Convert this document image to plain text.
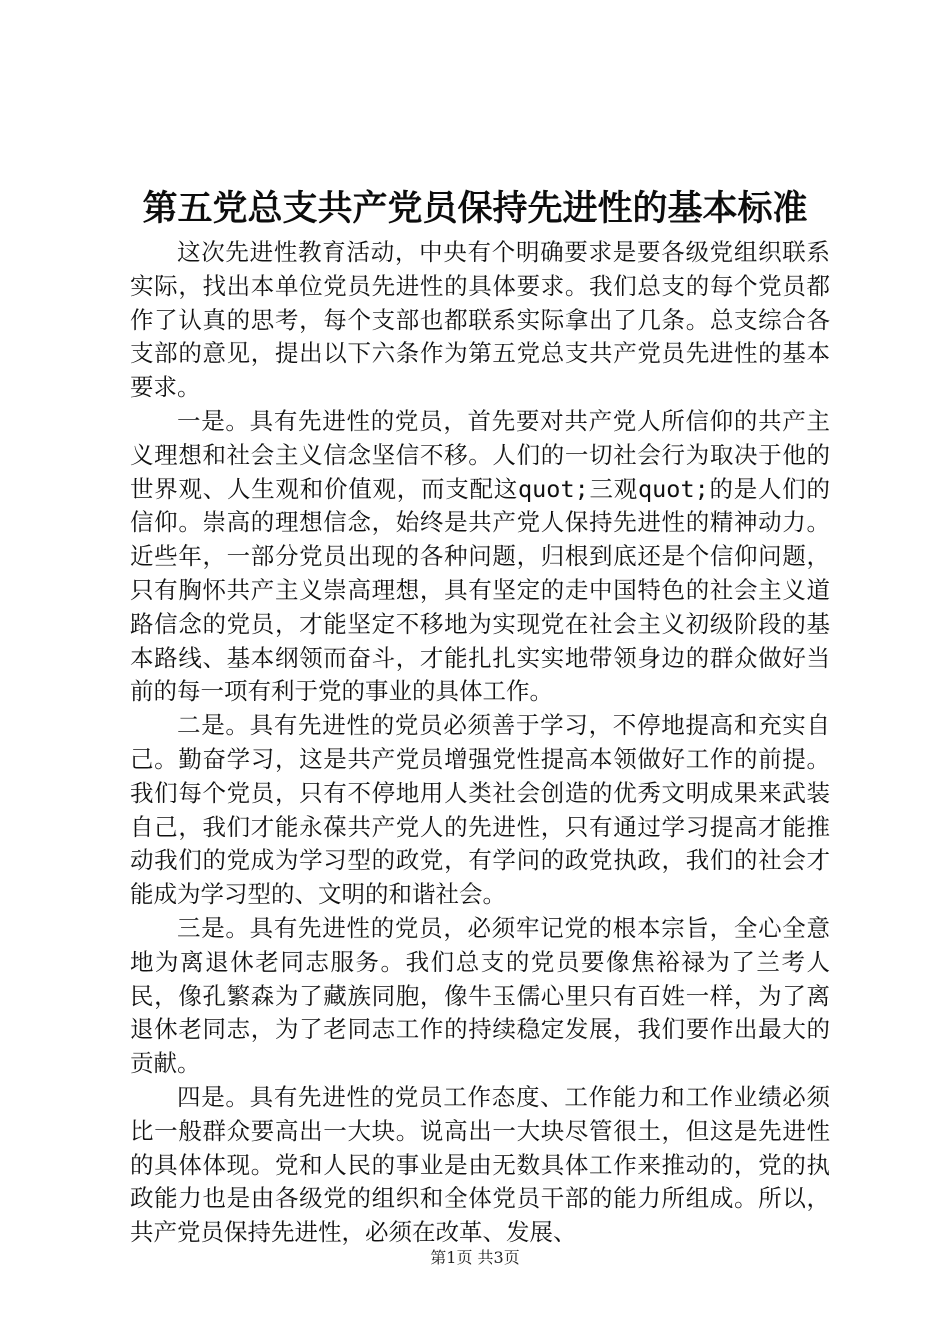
第五党总支共产党员保持先进性的基本标准

这次先进性教育活动，中央有个明确要求是要各级党组织联系实际，找出本单位党员先进性的具体要求。我们总支的每个党员都作了认真的思考，每个支部也都联系实际拿出了几条。总支综合各支部的意见，提出以下六条作为第五党总支共产党员先进性的基本要求。

一是。具有先进性的党员，首先要对共产党人所信仰的共产主义理想和社会主义信念坚信不移。人们的一切社会行为取决于他的世界观、人生观和价值观，而支配这quot;三观quot;的是人们的信仰。崇高的理想信念，始终是共产党人保持先进性的精神动力。近些年，一部分党员出现的各种问题，归根到底还是个信仰问题，只有胸怀共产主义崇高理想，具有坚定的走中国特色的社会主义道路信念的党员，才能坚定不移地为实现党在社会主义初级阶段的基本路线、基本纲领而奋斗，才能扎扎实实地带领身边的群众做好当前的每一项有利于党的事业的具体工作。

二是。具有先进性的党员必须善于学习，不停地提高和充实自己。勤奋学习，这是共产党员增强党性提高本领做好工作的前提。我们每个党员，只有不停地用人类社会创造的优秀文明成果来武装自己，我们才能永葆共产党人的先进性，只有通过学习提高才能推动我们的党成为学习型的政党，有学问的政党执政，我们的社会才能成为学习型的、文明的和谐社会。

三是。具有先进性的党员，必须牢记党的根本宗旨，全心全意地为离退休老同志服务。我们总支的党员要像焦裕禄为了兰考人民，像孔繁森为了藏族同胞，像牛玉儒心里只有百姓一样，为了离退休老同志，为了老同志工作的持续稳定发展，我们要作出最大的贡献。

四是。具有先进性的党员工作态度、工作能力和工作业绩必须比一般群众要高出一大块。说高出一大块尽管很土，但这是先进性的具体体现。党和人民的事业是由无数具体工作来推动的，党的执政能力也是由各级党的组织和全体党员干部的能力所组成。所以，共产党员保持先进性，必须在改革、发展、

第1页 共3页
